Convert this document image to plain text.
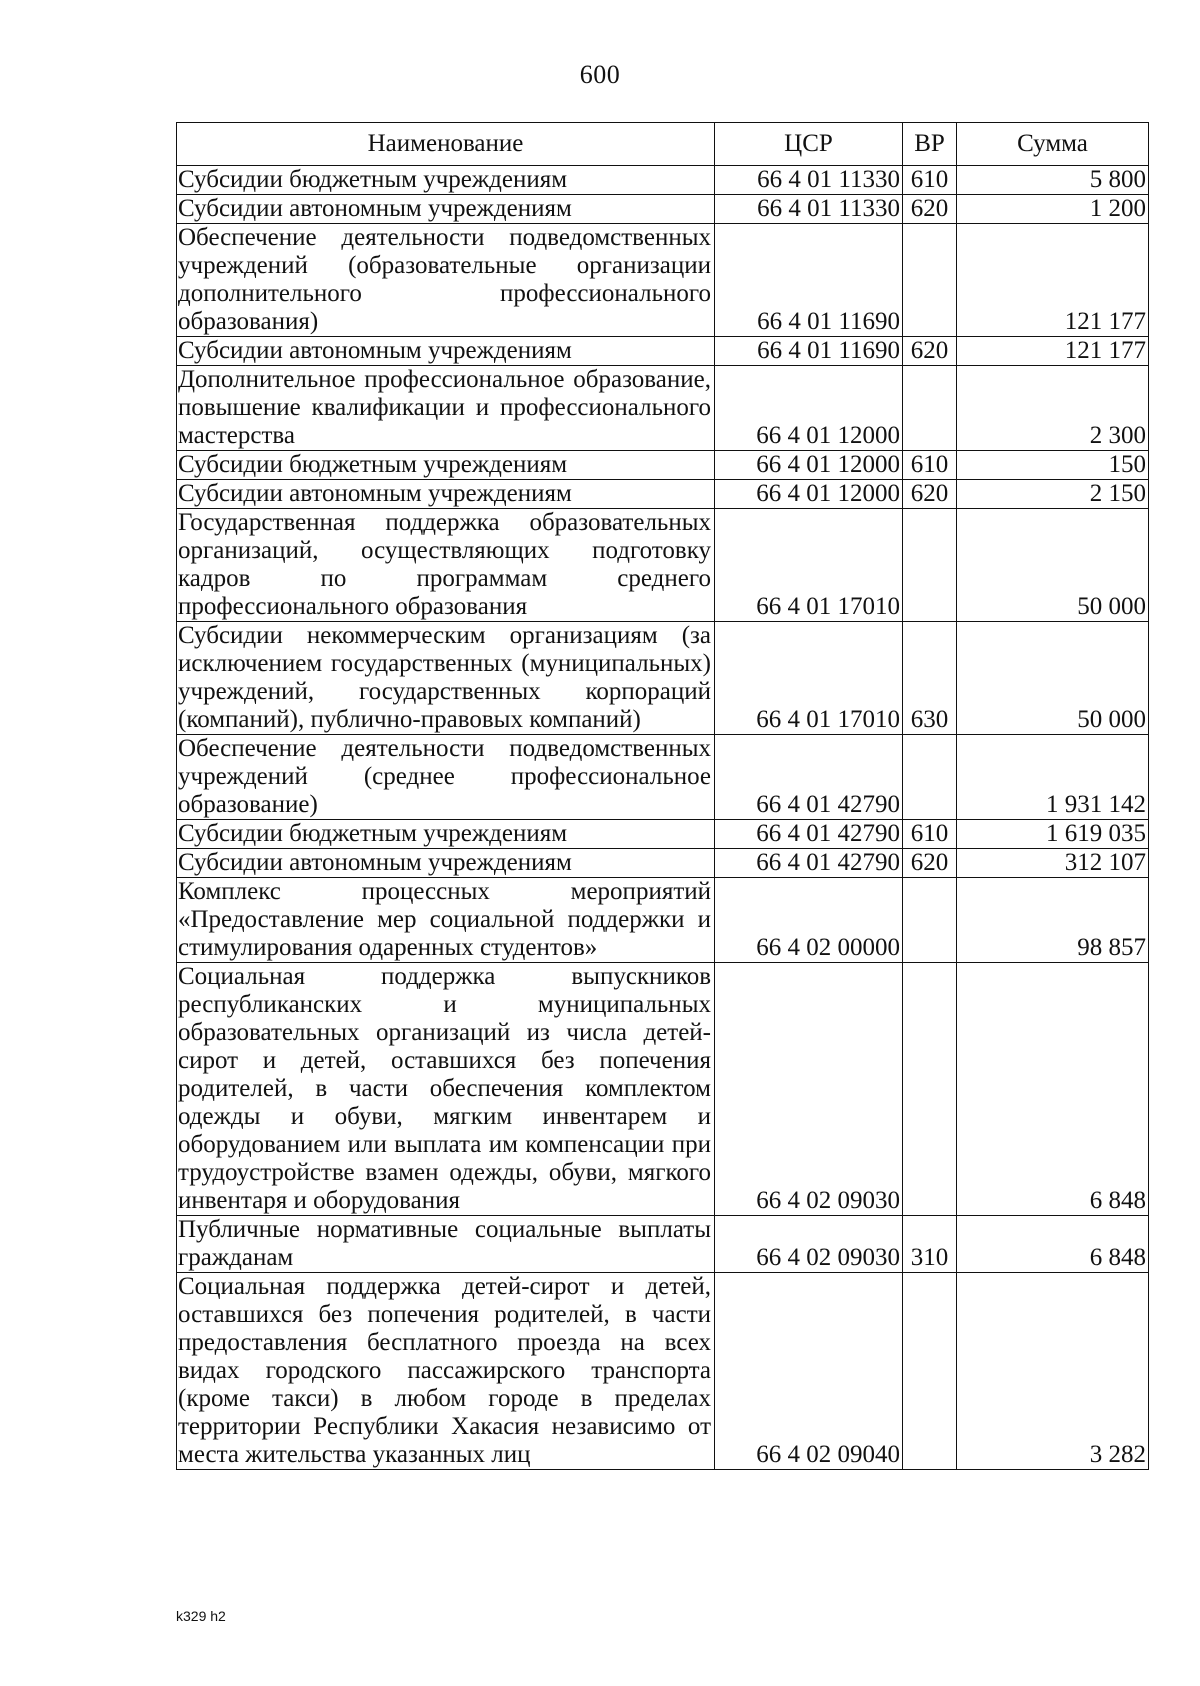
600
Наименование	ЦСР	ВР	Сумма
Субсидии бюджетным учреждениям	66 4 01 11330	610	5 800
Субсидии автономным учреждениям	66 4 01 11330	620	1 200
Обеспечение деятельности подведомственных учреждений (образовательные организации дополнительного профессионального образования)	66 4 01 11690		121 177
Субсидии автономным учреждениям	66 4 01 11690	620	121 177
Дополнительное профессиональное образование, повышение квалификации и профессионального мастерства	66 4 01 12000		2 300
Субсидии бюджетным учреждениям	66 4 01 12000	610	150
Субсидии автономным учреждениям	66 4 01 12000	620	2 150
Государственная поддержка образовательных организаций, осуществляющих подготовку кадров по программам среднего профессионального образования	66 4 01 17010		50 000
Субсидии некоммерческим организациям (за исключением государственных (муниципальных) учреждений, государственных корпораций (компаний), публично-правовых компаний)	66 4 01 17010	630	50 000
Обеспечение деятельности подведомственных учреждений (среднее профессиональное образование)	66 4 01 42790		1 931 142
Субсидии бюджетным учреждениям	66 4 01 42790	610	1 619 035
Субсидии автономным учреждениям	66 4 01 42790	620	312 107
Комплекс процессных мероприятий «Предоставление мер социальной поддержки и стимулирования одаренных студентов»	66 4 02 00000		98 857
Социальная поддержка выпускников республиканских и муниципальных образовательных организаций из числа детей-сирот и детей, оставшихся без попечения родителей, в части обеспечения комплектом одежды и обуви, мягким инвентарем и оборудованием или выплата им компенсации при трудоустройстве взамен одежды, обуви, мягкого инвентаря и оборудования	66 4 02 09030		6 848
Публичные нормативные социальные выплаты гражданам	66 4 02 09030	310	6 848
Социальная поддержка детей-сирот и детей, оставшихся без попечения родителей, в части предоставления бесплатного проезда на всех видах городского пассажирского транспорта (кроме такси) в любом городе в пределах территории Республики Хакасия независимо от места жительства указанных лиц	66 4 02 09040		3 282
k329 h2
